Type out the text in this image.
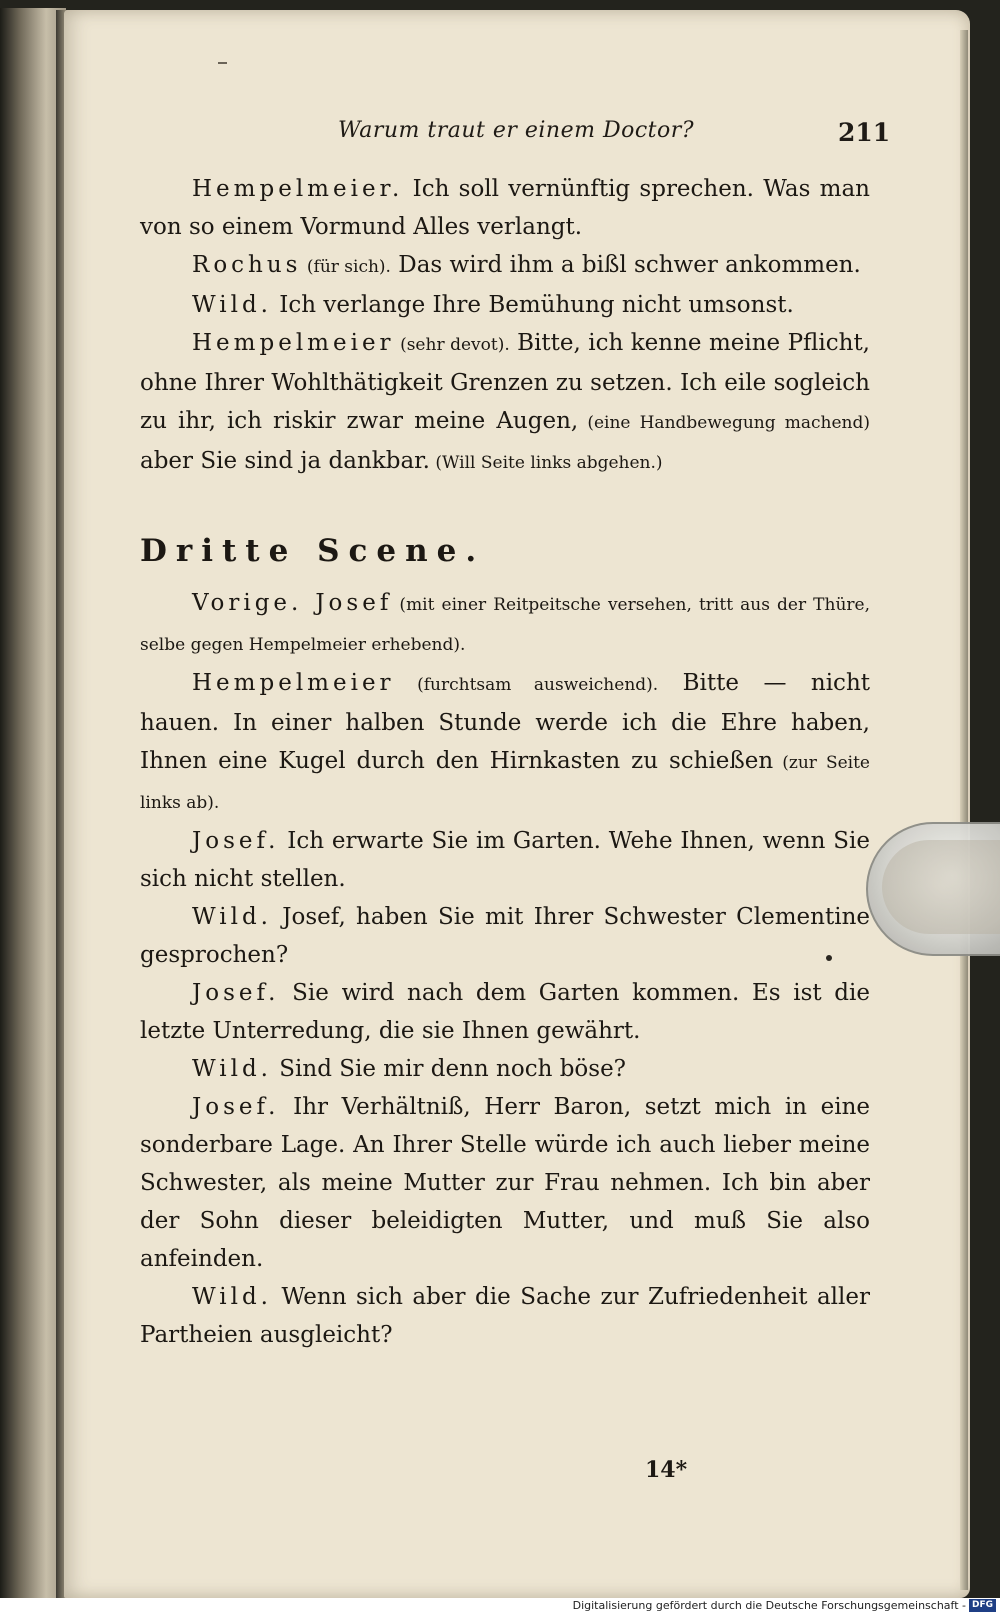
Warum traut er einem Doctor?	211

Hempelmeier. Ich soll vernünftig sprechen. Was man von so einem Vormund Alles verlangt.

Rochus (für sich). Das wird ihm a bißl schwer ankommen.

Wild. Ich verlange Ihre Bemühung nicht umsonst.

Hempelmeier (sehr devot). Bitte, ich kenne meine Pflicht, ohne Ihrer Wohlthätigkeit Grenzen zu setzen. Ich eile sogleich zu ihr, ich riskir zwar meine Augen, (eine Handbewegung machend) aber Sie sind ja dankbar. (Will Seite links abgehen.)

Dritte Scene.

Vorige. Josef (mit einer Reitpeitsche versehen, tritt aus der Thüre, selbe gegen Hempelmeier erhebend).

Hempelmeier (furchtsam ausweichend). Bitte — nicht hauen. In einer halben Stunde werde ich die Ehre haben, Ihnen eine Kugel durch den Hirnkasten zu schießen (zur Seite links ab).

Josef. Ich erwarte Sie im Garten. Wehe Ihnen, wenn Sie sich nicht stellen.

Wild. Josef, haben Sie mit Ihrer Schwester Clementine gesprochen?

Josef. Sie wird nach dem Garten kommen. Es ist die letzte Unterredung, die sie Ihnen gewährt.

Wild. Sind Sie mir denn noch böse?

Josef. Ihr Verhältniß, Herr Baron, setzt mich in eine sonderbare Lage. An Ihrer Stelle würde ich auch lieber meine Schwester, als meine Mutter zur Frau nehmen. Ich bin aber der Sohn dieser beleidigten Mutter, und muß Sie also anfeinden.

Wild. Wenn sich aber die Sache zur Zufriedenheit aller Partheien ausgleicht?

14*
Digitalisierung gefördert durch die Deutsche Forschungsgemeinschaft - DFG
